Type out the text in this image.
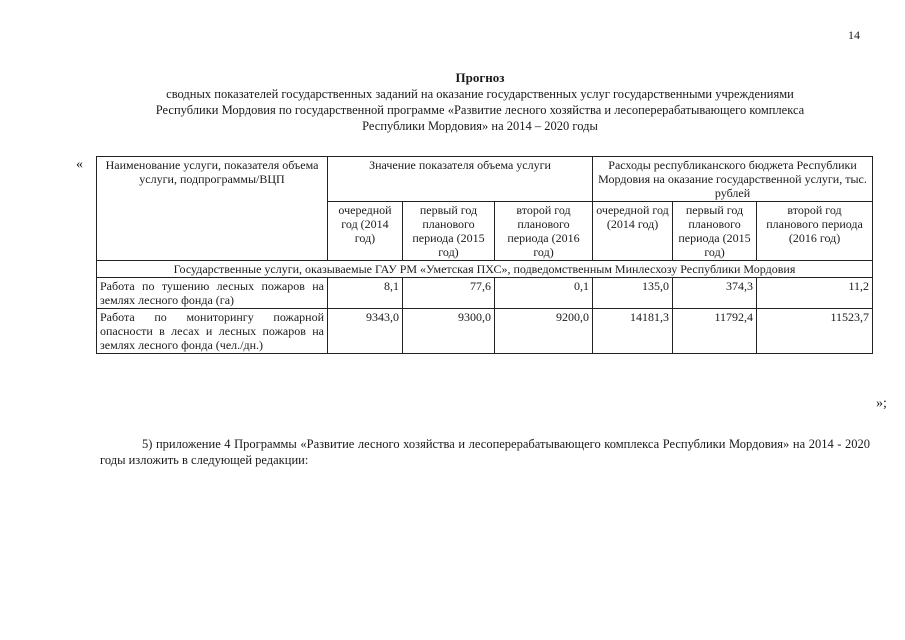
14
Прогноз
сводных показателей государственных заданий на оказание государственных услуг государственными учреждениями
Республики Мордовия по государственной программе «Развитие лесного хозяйства и лесоперерабатывающего комплекса
Республики Мордовия» на 2014 – 2020 годы
« Наименование услуги, показателя объема услуги, подпрограммы/ВЦП	Значение показателя объема услуги			Расходы республиканского бюджета Республики Мордовия на оказание государственной услуги, тыс. рублей		
	очередной год (2014 год)	первый год планового периода (2015 год)	второй год планового периода (2016 год)	очередной год (2014 год)	первый год планового периода (2015 год)	второй год планового периода (2016 год)
Государственные услуги, оказываемые ГАУ РМ «Уметская ПХС», подведомственным Минлесхозу Республики Мордовия						
Работа по тушению лесных пожаров на землях лесного фонда (га)	8,1	77,6	0,1	135,0	374,3	11,2
Работа по мониторингу пожарной опасности в лесах и лесных пожаров на землях лесного фонда (чел./дн.)	9343,0	9300,0	9200,0	14181,3	11792,4	11523,7
»;
5) приложение 4 Программы «Развитие лесного хозяйства и лесоперерабатывающего комплекса Республики Мордовия» на 2014 - 2020 годы изложить в следующей редакции:
